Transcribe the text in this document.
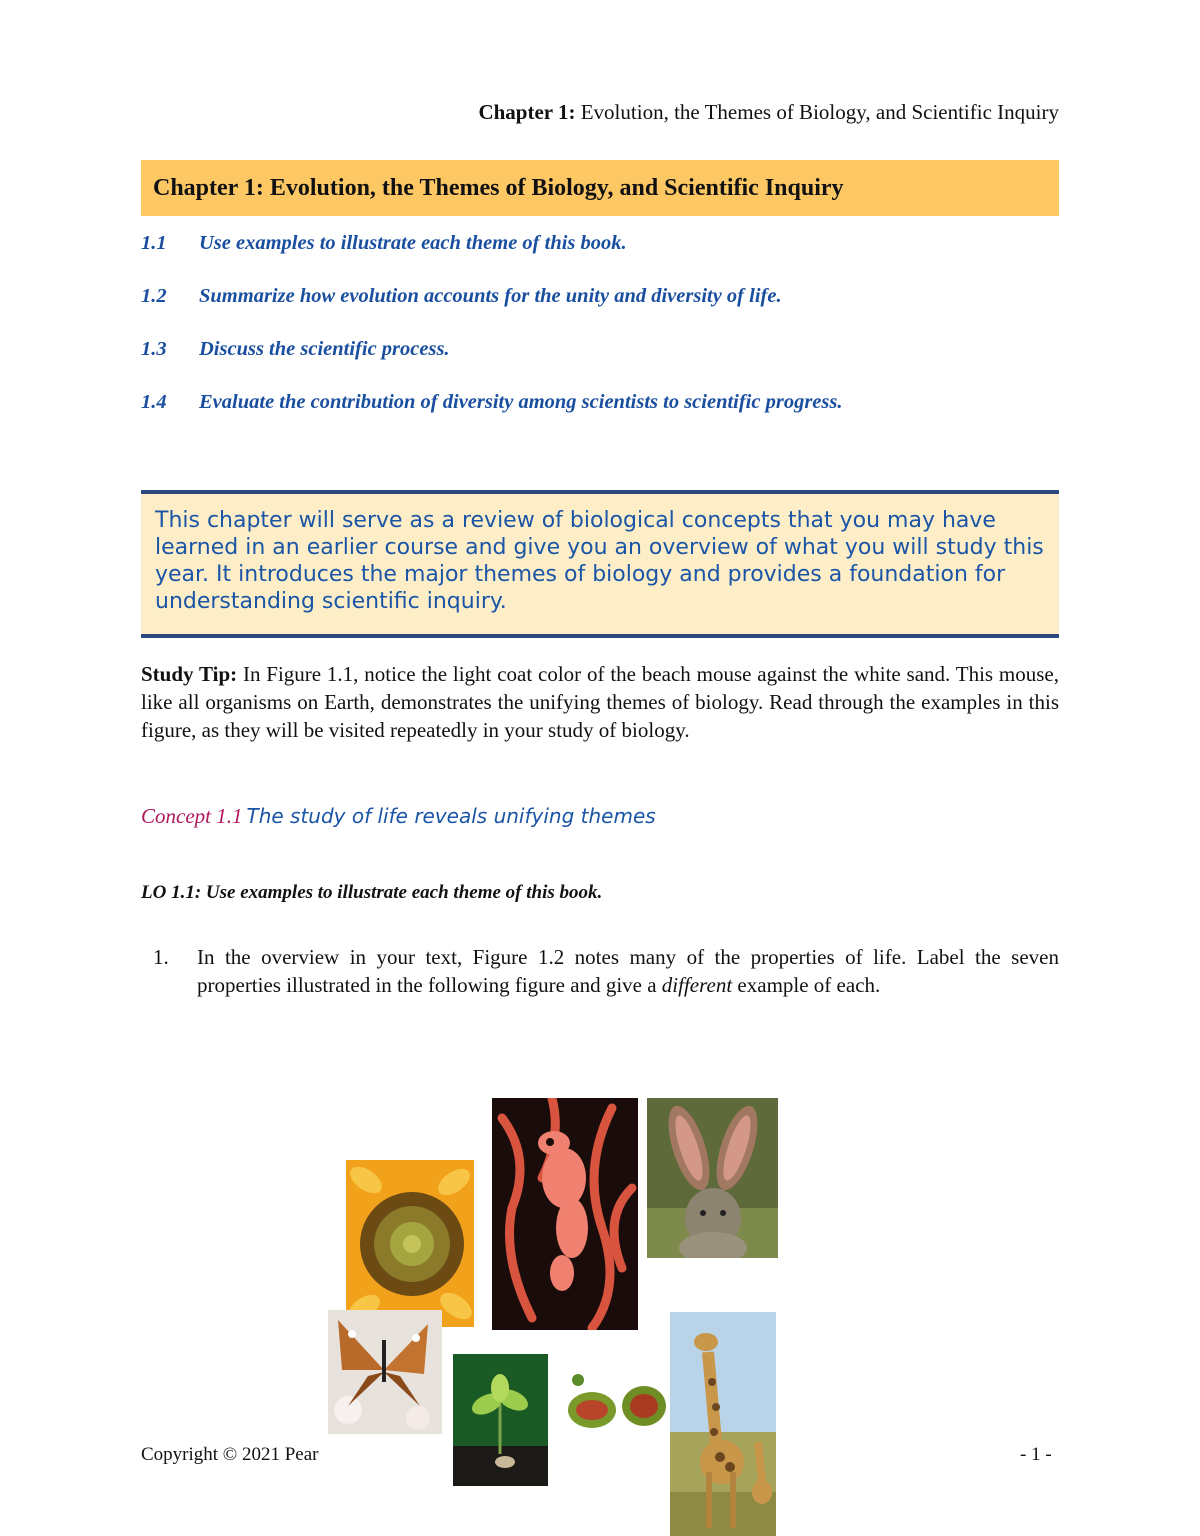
Chapter 1: Evolution, the Themes of Biology, and Scientific Inquiry
Chapter 1: Evolution, the Themes of Biology, and Scientific Inquiry
1.1	Use examples to illustrate each theme of this book.
1.2	Summarize how evolution accounts for the unity and diversity of life.
1.3	Discuss the scientific process.
1.4	Evaluate the contribution of diversity among scientists to scientific progress.

This chapter will serve as a review of biological concepts that you may have learned in an earlier course and give you an overview of what you will study this year. It introduces the major themes of biology and provides a foundation for understanding scientific inquiry.

Study Tip: In Figure 1.1, notice the light coat color of the beach mouse against the white sand. This mouse, like all organisms on Earth, demonstrates the unifying themes of biology. Read through the examples in this figure, as they will be visited repeatedly in your study of biology.

Concept 1.1 The study of life reveals unifying themes
LO 1.1: Use examples to illustrate each theme of this book.
1.	In the overview in your text, Figure 1.2 notes many of the properties of life. Label the seven properties illustrated in the following figure and give a different example of each.
Copyright © 2021 Pear	- 1 -
